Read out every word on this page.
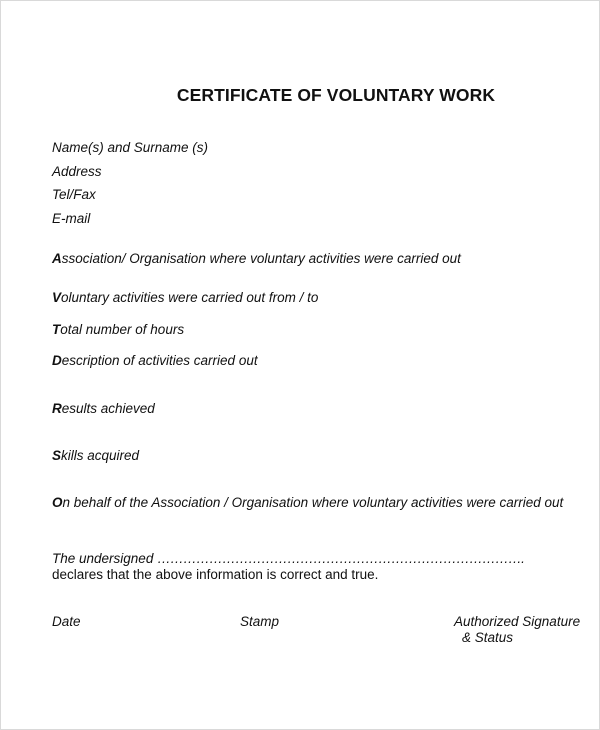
CERTIFICATE OF VOLUNTARY WORK
Name(s) and Surname (s)
Address
Tel/Fax
E-mail
Association/ Organisation where voluntary activities were carried out
Voluntary activities were carried out from / to
Total number of hours
Description of activities carried out
Results achieved
Skills acquired
On behalf of the Association / Organisation where voluntary activities were carried out
The undersigned ………………………………………………………………………….
declares that the above information is correct and true.
Date	Stamp	Authorized Signature
& Status
